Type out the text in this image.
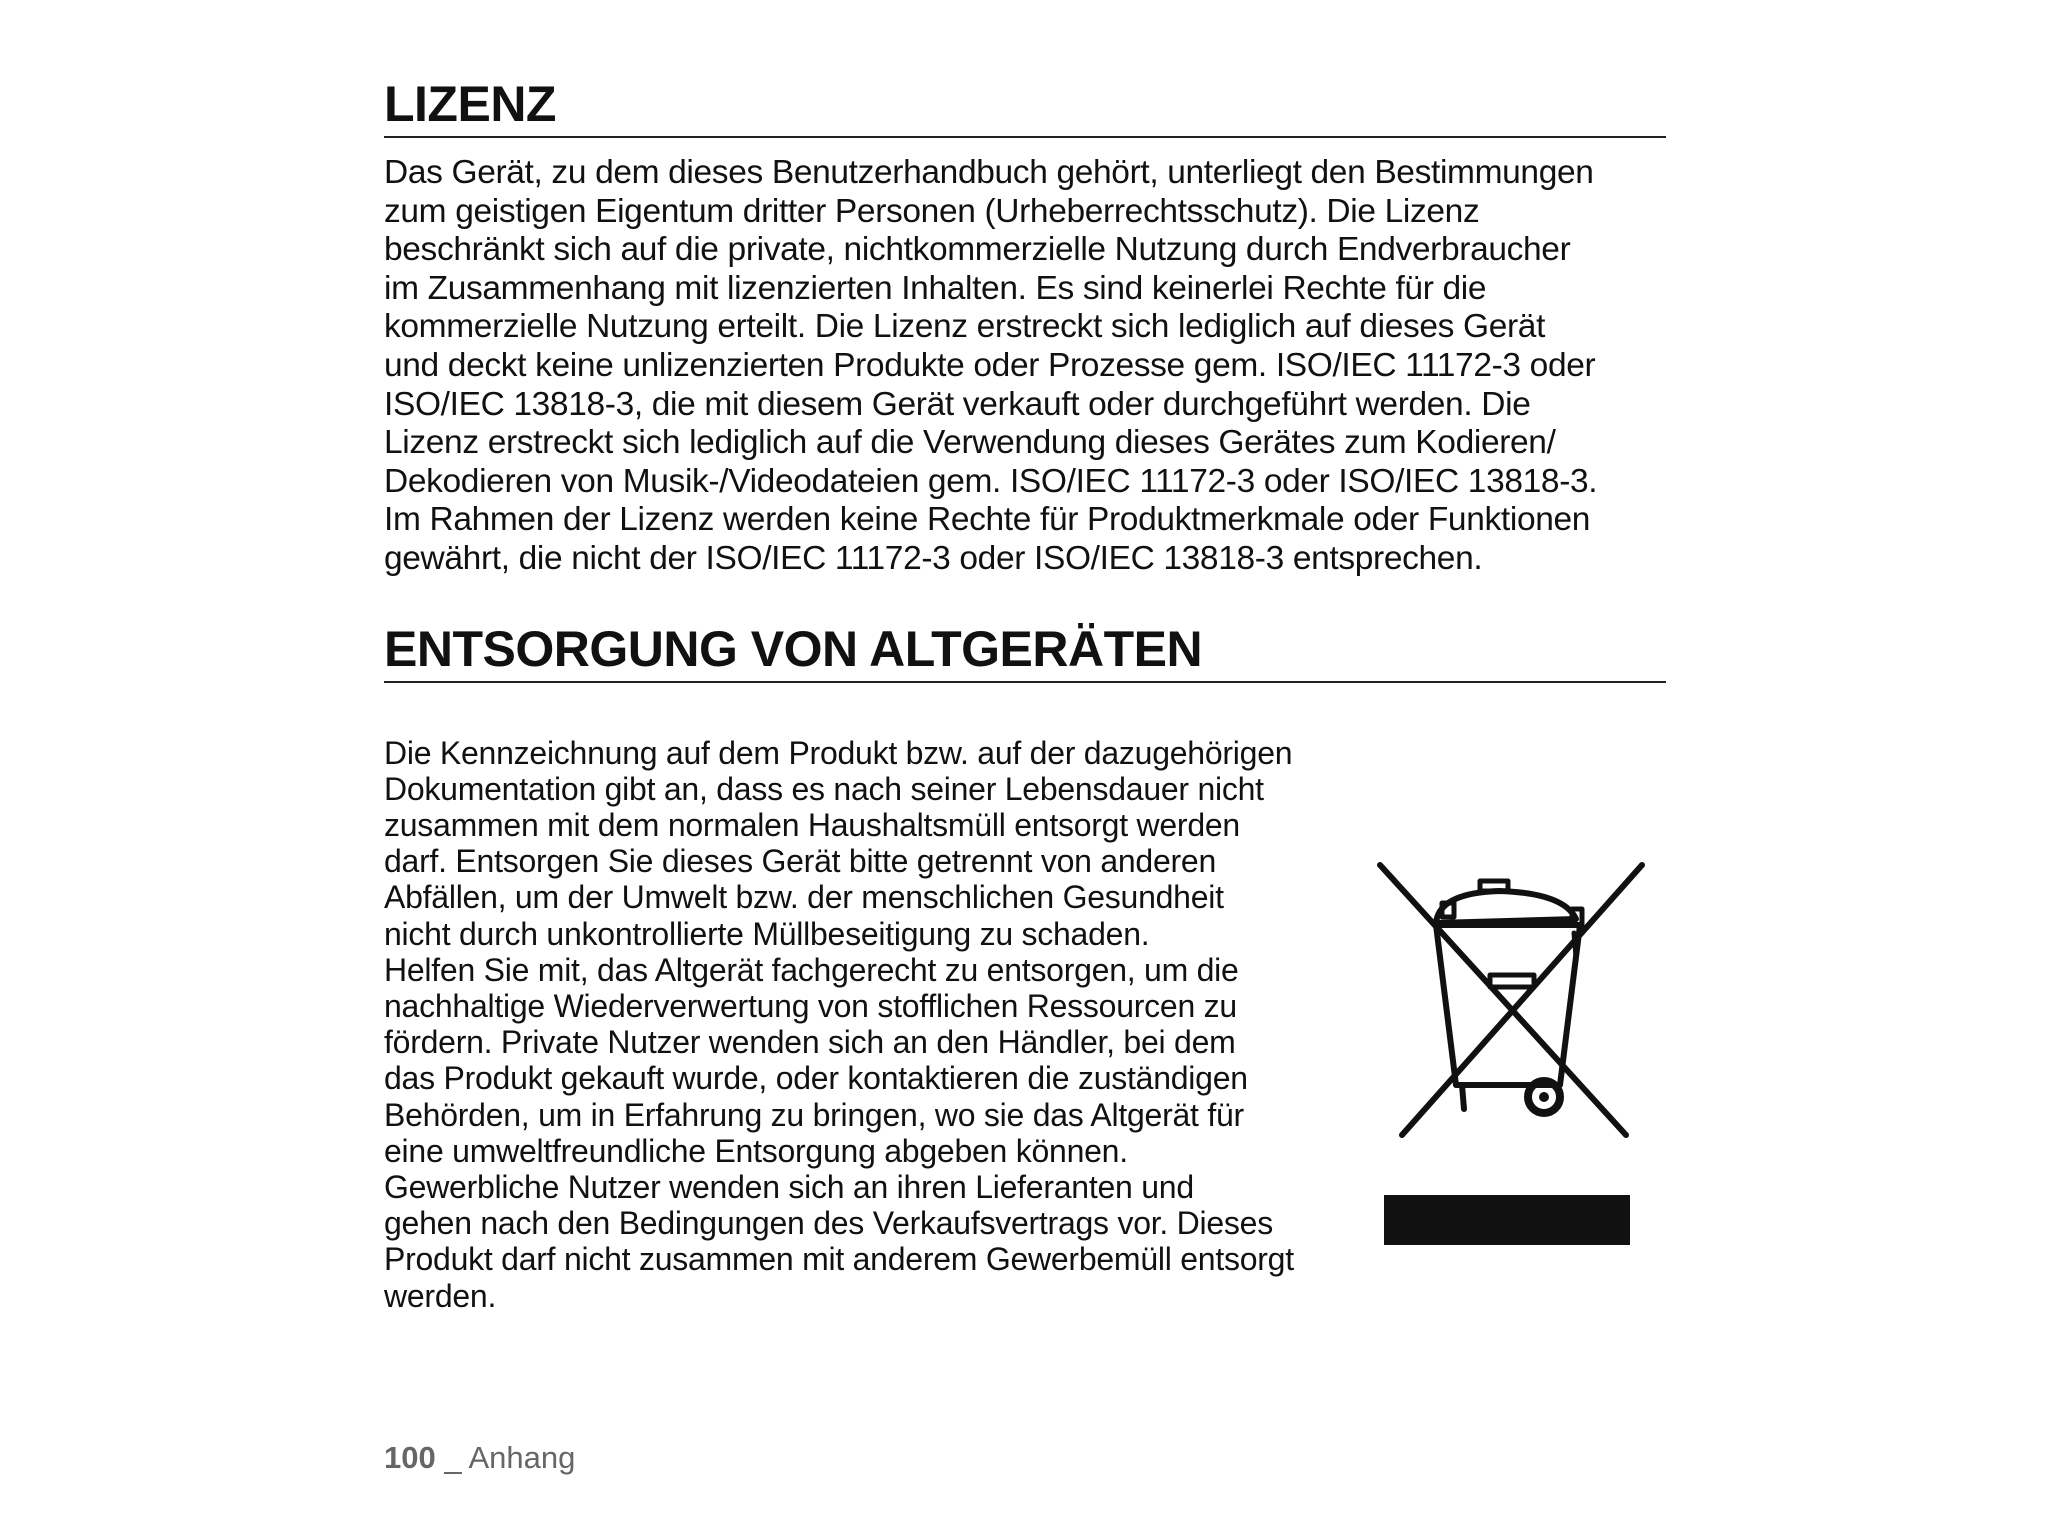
LIZENZ
Das Gerät, zu dem dieses Benutzerhandbuch gehört, unterliegt den Bestimmungen
zum geistigen Eigentum dritter Personen (Urheberrechtsschutz). Die Lizenz
beschränkt sich auf die private, nichtkommerzielle Nutzung durch Endverbraucher
im Zusammenhang mit lizenzierten Inhalten. Es sind keinerlei Rechte für die
kommerzielle Nutzung erteilt. Die Lizenz erstreckt sich lediglich auf dieses Gerät
und deckt keine unlizenzierten Produkte oder Prozesse gem. ISO/IEC 11172-3 oder
ISO/IEC 13818-3, die mit diesem Gerät verkauft oder durchgeführt werden. Die
Lizenz erstreckt sich lediglich auf die Verwendung dieses Gerätes zum Kodieren/
Dekodieren von Musik-/Videodateien gem. ISO/IEC 11172-3 oder ISO/IEC 13818-3.
Im Rahmen der Lizenz werden keine Rechte für Produktmerkmale oder Funktionen
gewährt, die nicht der ISO/IEC 11172-3 oder ISO/IEC 13818-3 entsprechen.
ENTSORGUNG VON ALTGERÄTEN

Die Kennzeichnung auf dem Produkt bzw. auf der dazugehörigen

Dokumentation gibt an, dass es nach seiner Lebensdauer nicht

zusammen mit dem normalen Haushaltsmüll entsorgt werden

darf. Entsorgen Sie dieses Gerät bitte getrennt von anderen

Abfällen, um der Umwelt bzw. der menschlichen Gesundheit

nicht durch unkontrollierte Müllbeseitigung zu schaden.

Helfen Sie mit, das Altgerät fachgerecht zu entsorgen, um die

nachhaltige Wiederverwertung von stofflichen Ressourcen zu

fördern. Private Nutzer wenden sich an den Händler, bei dem

das Produkt gekauft wurde, oder kontaktieren die zuständigen

Behörden, um in Erfahrung zu bringen, wo sie das Altgerät für

eine umweltfreundliche Entsorgung abgeben können.

Gewerbliche Nutzer wenden sich an ihren Lieferanten und

gehen nach den Bedingungen des Verkaufsvertrags vor. Dieses

Produkt darf nicht zusammen mit anderem Gewerbemüll entsorgt

werden.

100 _ Anhang
